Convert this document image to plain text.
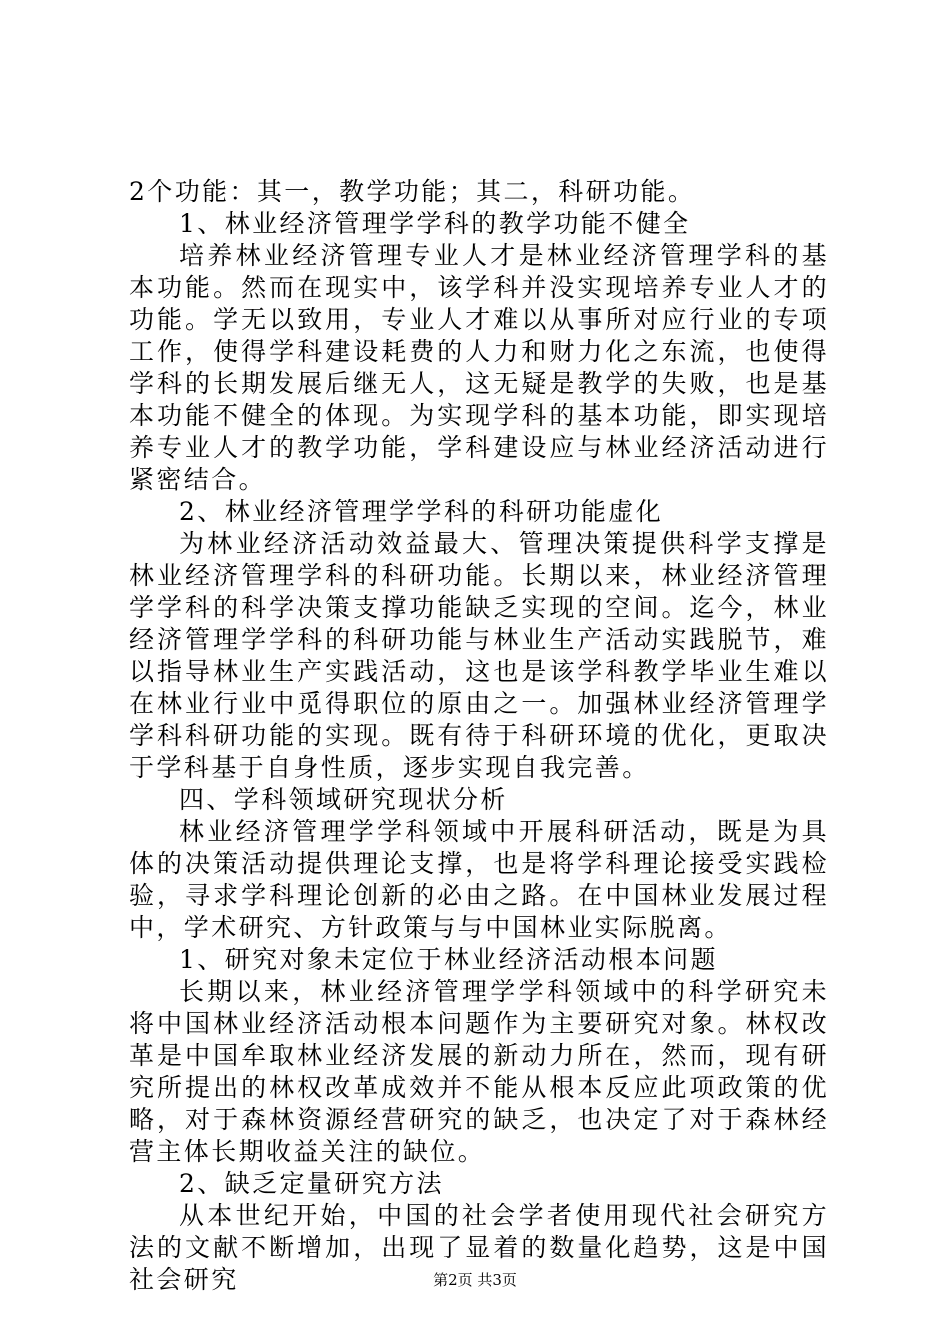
2个功能：其一，教学功能；其二，科研功能。

1、林业经济管理学学科的教学功能不健全

培养林业经济管理专业人才是林业经济管理学科的基本功能。然而在现实中，该学科并没实现培养专业人才的功能。学无以致用，专业人才难以从事所对应行业的专项工作，使得学科建设耗费的人力和财力化之东流，也使得学科的长期发展后继无人，这无疑是教学的失败，也是基本功能不健全的体现。为实现学科的基本功能，即实现培养专业人才的教学功能，学科建设应与林业经济活动进行紧密结合。

2、林业经济管理学学科的科研功能虚化

为林业经济活动效益最大、管理决策提供科学支撑是林业经济管理学科的科研功能。长期以来，林业经济管理学学科的科学决策支撑功能缺乏实现的空间。迄今，林业经济管理学学科的科研功能与林业生产活动实践脱节，难以指导林业生产实践活动，这也是该学科教学毕业生难以在林业行业中觅得职位的原由之一。加强林业经济管理学学科科研功能的实现。既有待于科研环境的优化，更取决于学科基于自身性质，逐步实现自我完善。

四、学科领域研究现状分析

林业经济管理学学科领域中开展科研活动，既是为具体的决策活动提供理论支撑，也是将学科理论接受实践检验，寻求学科理论创新的必由之路。在中国林业发展过程中，学术研究、方针政策与与中国林业实际脱离。

1、研究对象未定位于林业经济活动根本问题

长期以来，林业经济管理学学科领域中的科学研究未将中国林业经济活动根本问题作为主要研究对象。林权改革是中国牟取林业经济发展的新动力所在，然而，现有研究所提出的林权改革成效并不能从根本反应此项政策的优略，对于森林资源经营研究的缺乏，也决定了对于森林经营主体长期收益关注的缺位。

2、缺乏定量研究方法

从本世纪开始，中国的社会学者使用现代社会研究方法的文献不断增加，出现了显着的数量化趋势，这是中国社会研究	第2页 共3页
